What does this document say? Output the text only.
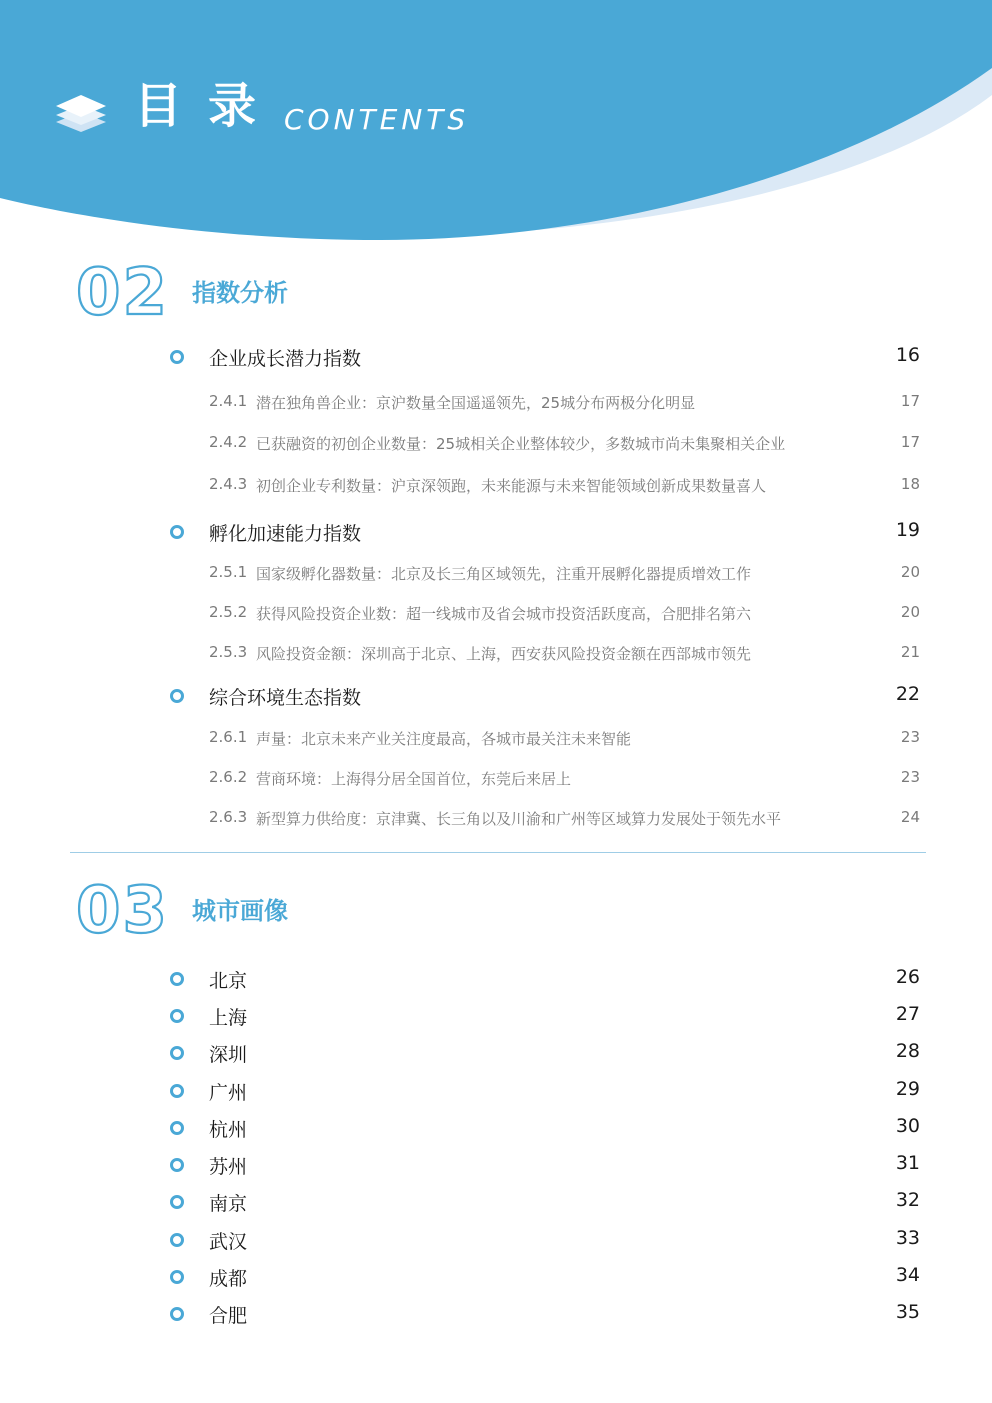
目录 CONTENTS
02 指数分析
企业成长潜力指数	16
2.4.1 潜在独角兽企业：京沪数量全国遥遥领先，25城分布两极分化明显	17
2.4.2 已获融资的初创企业数量：25城相关企业整体较少，多数城市尚未集聚相关企业	17
2.4.3 初创企业专利数量：沪京深领跑，未来能源与未来智能领域创新成果数量喜人	18
孵化加速能力指数	19
2.5.1 国家级孵化器数量：北京及长三角区域领先，注重开展孵化器提质增效工作	20
2.5.2 获得风险投资企业数：超一线城市及省会城市投资活跃度高，合肥排名第六	20
2.5.3 风险投资金额：深圳高于北京、上海，西安获风险投资金额在西部城市领先	21
综合环境生态指数	22
2.6.1 声量：北京未来产业关注度最高，各城市最关注未来智能	23
2.6.2 营商环境：上海得分居全国首位，东莞后来居上	23
2.6.3 新型算力供给度：京津冀、长三角以及川渝和广州等区域算力发展处于领先水平	24
03 城市画像
北京	26
上海	27
深圳	28
广州	29
杭州	30
苏州	31
南京	32
武汉	33
成都	34
合肥	35
